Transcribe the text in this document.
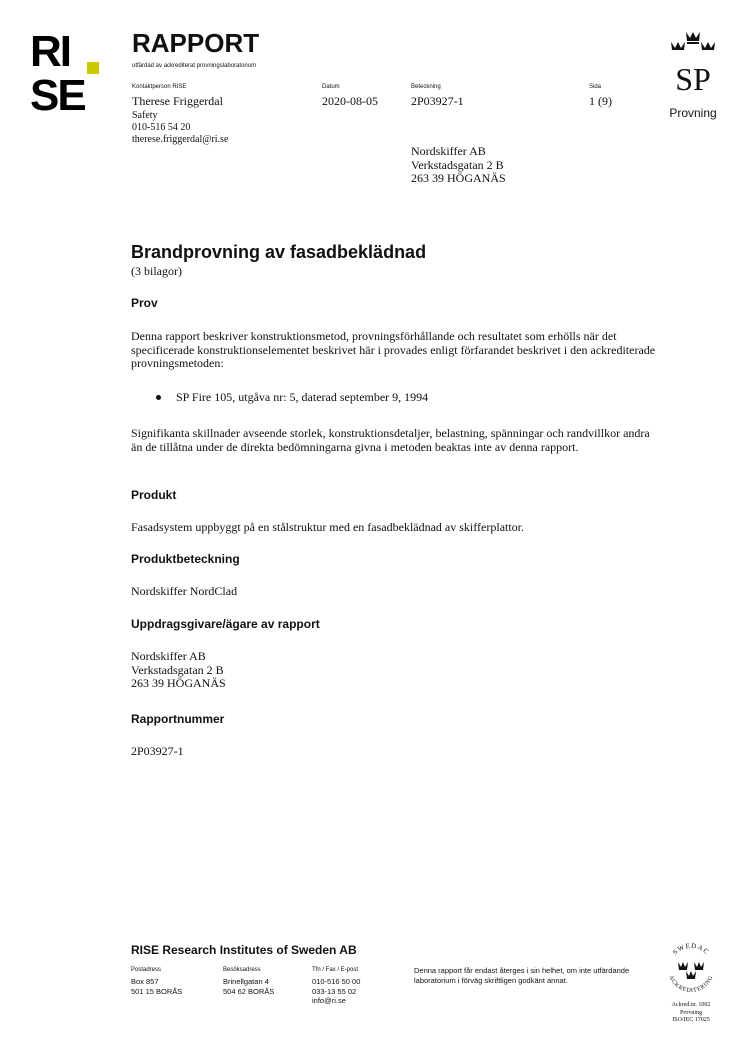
RI
SE
RAPPORT
utfärdad av ackrediterat provningslaboratorium
Kontaktperson RISE
Therese Friggerdal
Safety
010-516 54 20
therese.friggerdal@ri.se
Datum
2020-08-05
Beteckning
2P03927-1
Sida
1 (9)
SP
Provning
Nordskiffer AB
Verkstadsgatan 2 B
263 39 HÖGANÄS
Brandprovning av fasadbeklädnad
(3 bilagor)
Prov
Denna rapport beskriver konstruktionsmetod, provningsförhållande och resultatet som erhölls när det specificerade konstruktionselementet beskrivet här i provades enligt förfarandet beskrivet i den ackrediterade provningsmetoden:
SP Fire 105, utgåva nr: 5, daterad september 9, 1994
Signifikanta skillnader avseende storlek, konstruktionsdetaljer, belastning, spänningar och randvillkor andra än de tillåtna under de direkta bedömningarna givna i metoden beaktas inte av denna rapport.
Produkt
Fasadsystem uppbyggt på en stålstruktur med en fasadbeklädnad av skifferplattor.
Produktbeteckning
Nordskiffer NordClad
Uppdragsgivare/ägare av rapport
Nordskiffer AB
Verkstadsgatan 2 B
263 39 HÖGANÄS
Rapportnummer
2P03927-1
RISE Research Institutes of Sweden AB
Postadress
Box 857
501 15 BORÅS
Besöksadress
Brinellgatan 4
504 62 BORÅS
Tfn / Fax / E-post
010-516 50 00
033-13 55 02
info@ri.se
Denna rapport får endast återges i sin helhet, om inte utfärdande laboratorium i förväg skriftligen godkänt annat.
SWEDAC
ACKREDITERING
Ackred.nr. 1002
Provning
ISO/IEC 17025
